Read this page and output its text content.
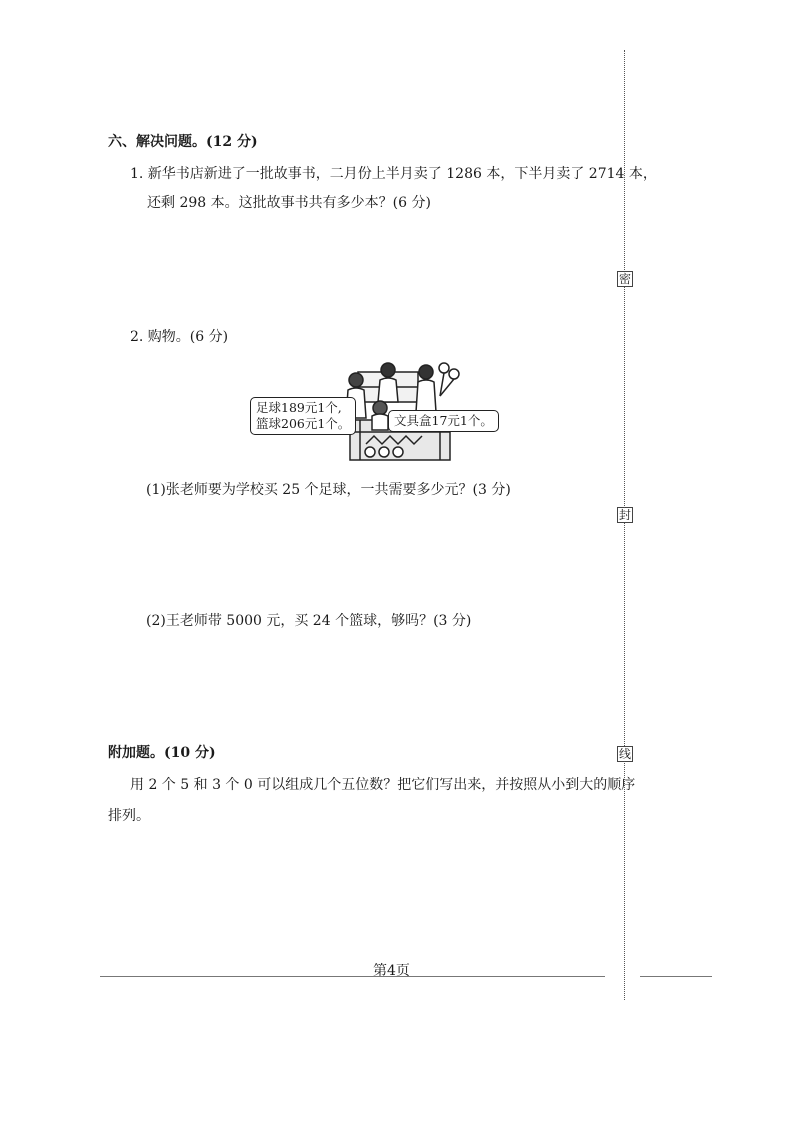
六、解决问题。(12 分)
1. 新华书店新进了一批故事书，二月份上半月卖了 1286 本，下半月卖了 2714 本，
还剩 298 本。这批故事书共有多少本？(6 分)
2. 购物。(6 分)

足球189元1个,

篮球206元1个。	文具盒17元1个。

(1)张老师要为学校买 25 个足球，一共需要多少元？(3 分)
(2)王老师带 5000 元，买 24 个篮球，够吗？(3 分)
附加题。(10 分)
用 2 个 5 和 3 个 0 可以组成几个五位数？把它们写出来，并按照从小到大的顺序
排列。
密
封
线
第4页
